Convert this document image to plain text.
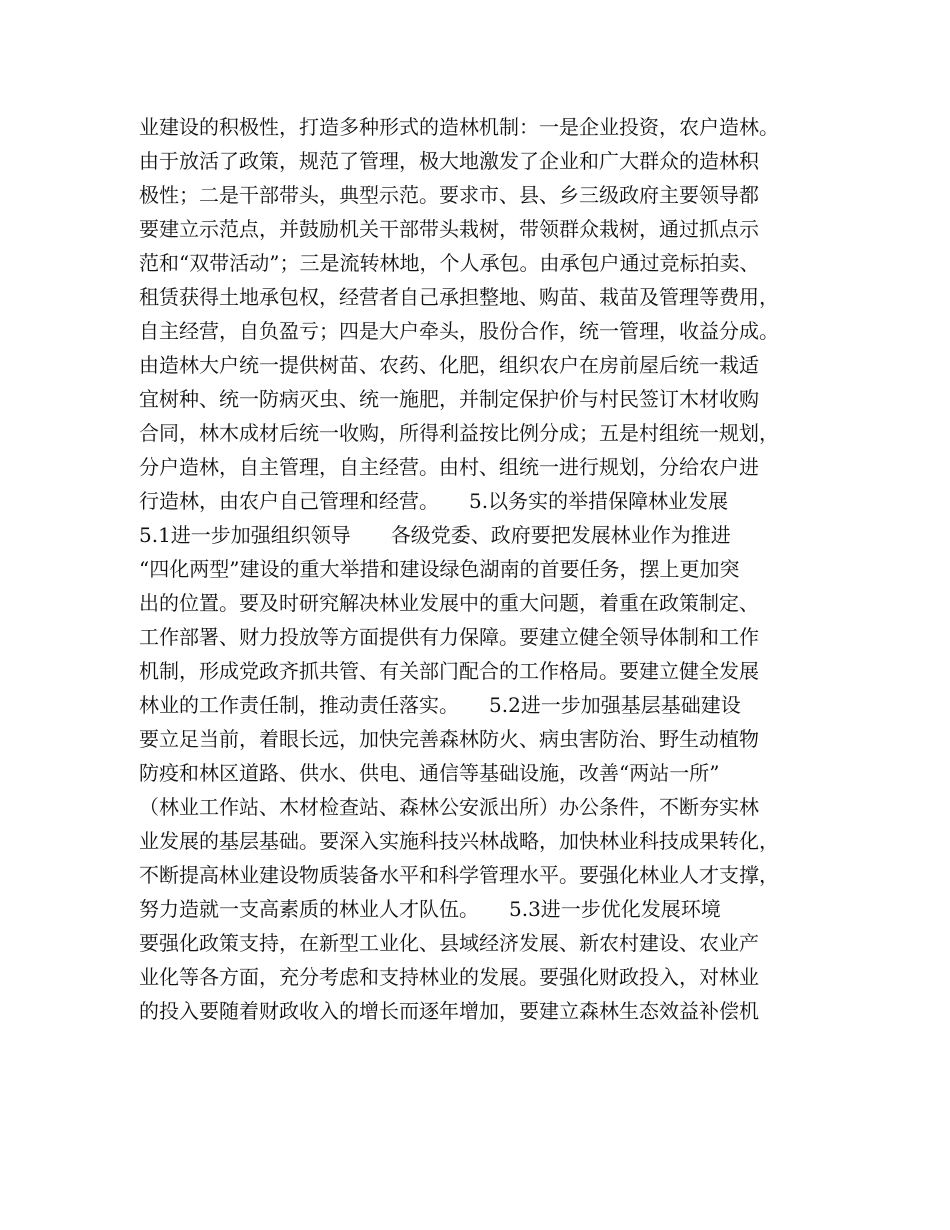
业建设的积极性，打造多种形式的造林机制：一是企业投资，农户造林。
由于放活了政策，规范了管理，极大地激发了企业和广大群众的造林积
极性；二是干部带头，典型示范。要求市、县、乡三级政府主要领导都
要建立示范点，并鼓励机关干部带头栽树，带领群众栽树，通过抓点示
范和“双带活动”；三是流转林地，个人承包。由承包户通过竞标拍卖、
租赁获得土地承包权，经营者自己承担整地、购苗、栽苗及管理等费用，
自主经营，自负盈亏；四是大户牵头，股份合作，统一管理，收益分成。
由造林大户统一提供树苗、农药、化肥，组织农户在房前屋后统一栽适
宜树种、统一防病灭虫、统一施肥，并制定保护价与村民签订木材收购
合同，林木成材后统一收购，所得利益按比例分成；五是村组统一规划，
分户造林，自主管理，自主经营。由村、组统一进行规划，分给农户进
行造林，由农户自己管理和经营。　　5.以务实的举措保障林业发展
5.1进一步加强组织领导　　各级党委、政府要把发展林业作为推进
“四化两型”建设的重大举措和建设绿色湖南的首要任务，摆上更加突
出的位置。要及时研究解决林业发展中的重大问题，着重在政策制定、
工作部署、财力投放等方面提供有力保障。要建立健全领导体制和工作
机制，形成党政齐抓共管、有关部门配合的工作格局。要建立健全发展
林业的工作责任制，推动责任落实。　　5.2进一步加强基层基础建设
要立足当前，着眼长远，加快完善森林防火、病虫害防治、野生动植物
防疫和林区道路、供水、供电、通信等基础设施，改善“两站一所”
（林业工作站、木材检查站、森林公安派出所）办公条件，不断夯实林
业发展的基层基础。要深入实施科技兴林战略，加快林业科技成果转化，
不断提高林业建设物质装备水平和科学管理水平。要强化林业人才支撑，
努力造就一支高素质的林业人才队伍。　　5.3进一步优化发展环境
要强化政策支持，在新型工业化、县域经济发展、新农村建设、农业产
业化等各方面，充分考虑和支持林业的发展。要强化财政投入，对林业
的投入要随着财政收入的增长而逐年增加，要建立森林生态效益补偿机
